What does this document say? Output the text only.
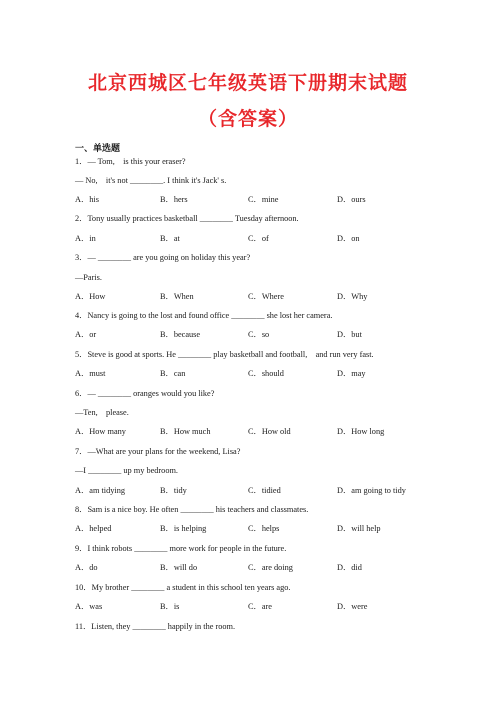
北京西城区七年级英语下册期末试题
（含答案）
一、单选题
1．— Tom,　is this your eraser?
— No,　it's not ________. I think it's Jack' s.
A．his	B．hers	C．mine	D．ours
2．Tony usually practices basketball ________ Tuesday afternoon.
A．in	B．at	C．of	D．on
3．— ________ are you going on holiday this year?
—Paris.
A．How	B．When	C．Where	D．Why
4．Nancy is going to the lost and found office ________ she lost her camera.
A．or	B．because	C．so	D．but
5．Steve is good at sports. He ________ play basketball and football,　and run very fast.
A．must	B．can	C．should	D．may
6．— ________ oranges would you like?
—Ten,　please.
A．How many	B．How much	C．How old	D．How long
7．—What are your plans for the weekend, Lisa?
—I ________ up my bedroom.
A．am tidying	B．tidy	C．tidied	D．am going to tidy
8．Sam is a nice boy. He often ________ his teachers and classmates.
A．helped	B．is helping	C．helps	D．will help
9．I think robots ________ more work for people in the future.
A．do	B．will do	C．are doing	D．did
10．My brother ________ a student in this school ten years ago.
A．was	B．is	C．are	D．were
11．Listen, they ________ happily in the room.
